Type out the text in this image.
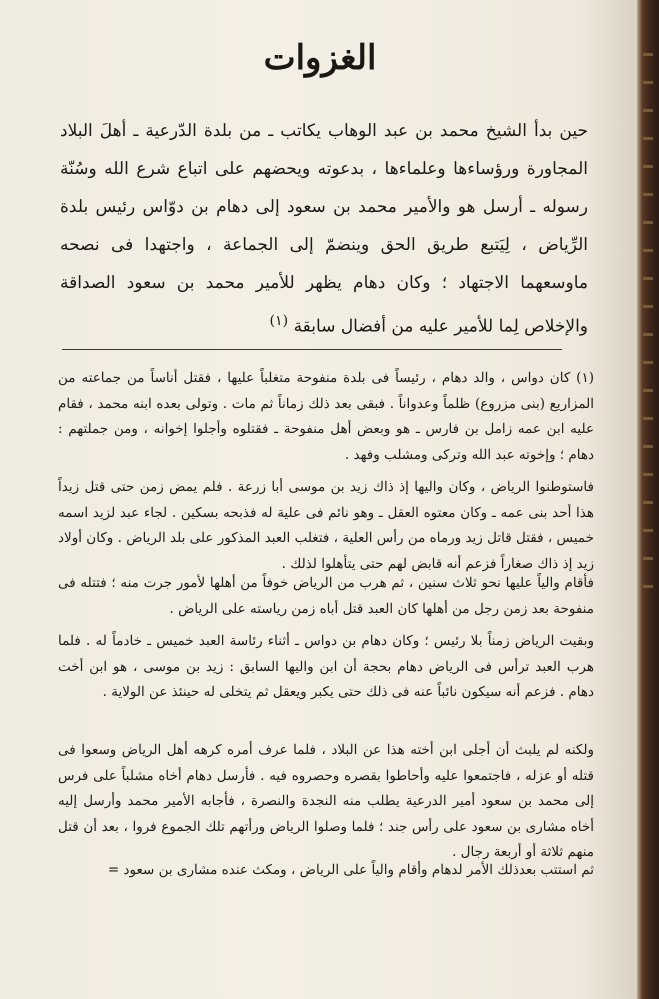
الغزوات

حين بدأ الشيخ محمد بن عبد الوهاب يكاتب ـ من بلدة الدّرعية ـ أهلَ البلاد المجاورة ورؤساءها وعلماءها ، بدعوته ويحضهم على اتباع شرع الله وسُنّة رسوله ـ أرسل هو والأمير محمد بن سعود إلى دهام بن دوّاس رئيس بلدة الرِّياض ، لِيَتبع طريق الحق وينضمّ إلى الجماعة ، واجتهدا فى نصحه ماوسعهما الاجتهاد ؛ وكان دهام يظهر للأمير محمد بن سعود الصداقة والإخلاص لِما للأمير عليه من أفضال سابقة $^{(١)}$

(١) كان دواس ، والد دهام ، رئيساً فى بلدة منفوحة متغلباً عليها ، فقتل أناساً من جماعته من المزاريع (بنى مزروع) ظلماً وعدواناً . فبقى بعد ذلك زماناً ثم مات . وتولى بعده ابنه محمد ، فقام عليه ابن عمه زامل بن فارس ـ هو وبعض أهل منفوحة ـ فقتلوه وأجلوا إخوانه ، ومن جملتهم : دهام ؛ وإخوته عبد الله وتركى ومشلب وفهد .

فاستوطنوا الرياض ، وكان واليها إذ ذاك زيد بن موسى أبا زرعة . فلم يمض زمن حتى قتل زيداً هذا أحد بنى عمه ـ وكان معتوه العقل ـ وهو نائم فى علية له فذبحه بسكين . لجاء عبد لزيد اسمه خميس ، فقتل قاتل زيد ورماه من رأس العلية ، فتغلب العبد المذكور على بلد الرياض . وكان أولاد زيد إذ ذاك صغاراً فزعم أنه قابض لهم حتى يتأهلوا لذلك .

فأقام والياً عليها نحو ثلاث سنين ، ثم هرب من الرياض خوفاً من أهلها لأمور جرت منه ؛ فتتله فى منفوحة بعد زمن رجل من أهلها كان العبد قتل أباه زمن رياسته على الرياض .

وبقيت الرياض زمناً بلا رئيس ؛ وكان دهام بن دواس ـ أثناء رئاسة العبد خميس ـ خادماً له . فلما هرب العبد ترأس فى الرياض دهام بحجة أن ابن واليها السابق : زيد بن موسى ، هو ابن أخت دهام . فزعم أنه سيكون نائباً عنه فى ذلك حتى يكبر ويعقل ثم يتخلى له حينئذ عن الولاية .

ولكنه لم يلبث أن أجلى ابن أخته هذا عن البلاد ، فلما عرف أمره كرهه أهل الرياض وسعوا فى قتله أو عزله ، فاجتمعوا عليه وأحاطوا بقصره وحصروه فيه . فأرسل دهام أخاه مشلباً على فرس إلى محمد بن سعود أمير الدرعية يطلب منه النجدة والنصرة ، فأجابه الأمير محمد وأرسل إليه أخاه مشارى بن سعود على رأس جند ؛ فلما وصلوا الرياض ورأتهم تلك الجموع فروا ، بعد أن قتل منهم ثلاثة أو أربعة رجال .

ثم استتب بعدذلك الأمر لدهام وأقام والياً على الرياض ، ومكث عنده مشارى بن سعود =
